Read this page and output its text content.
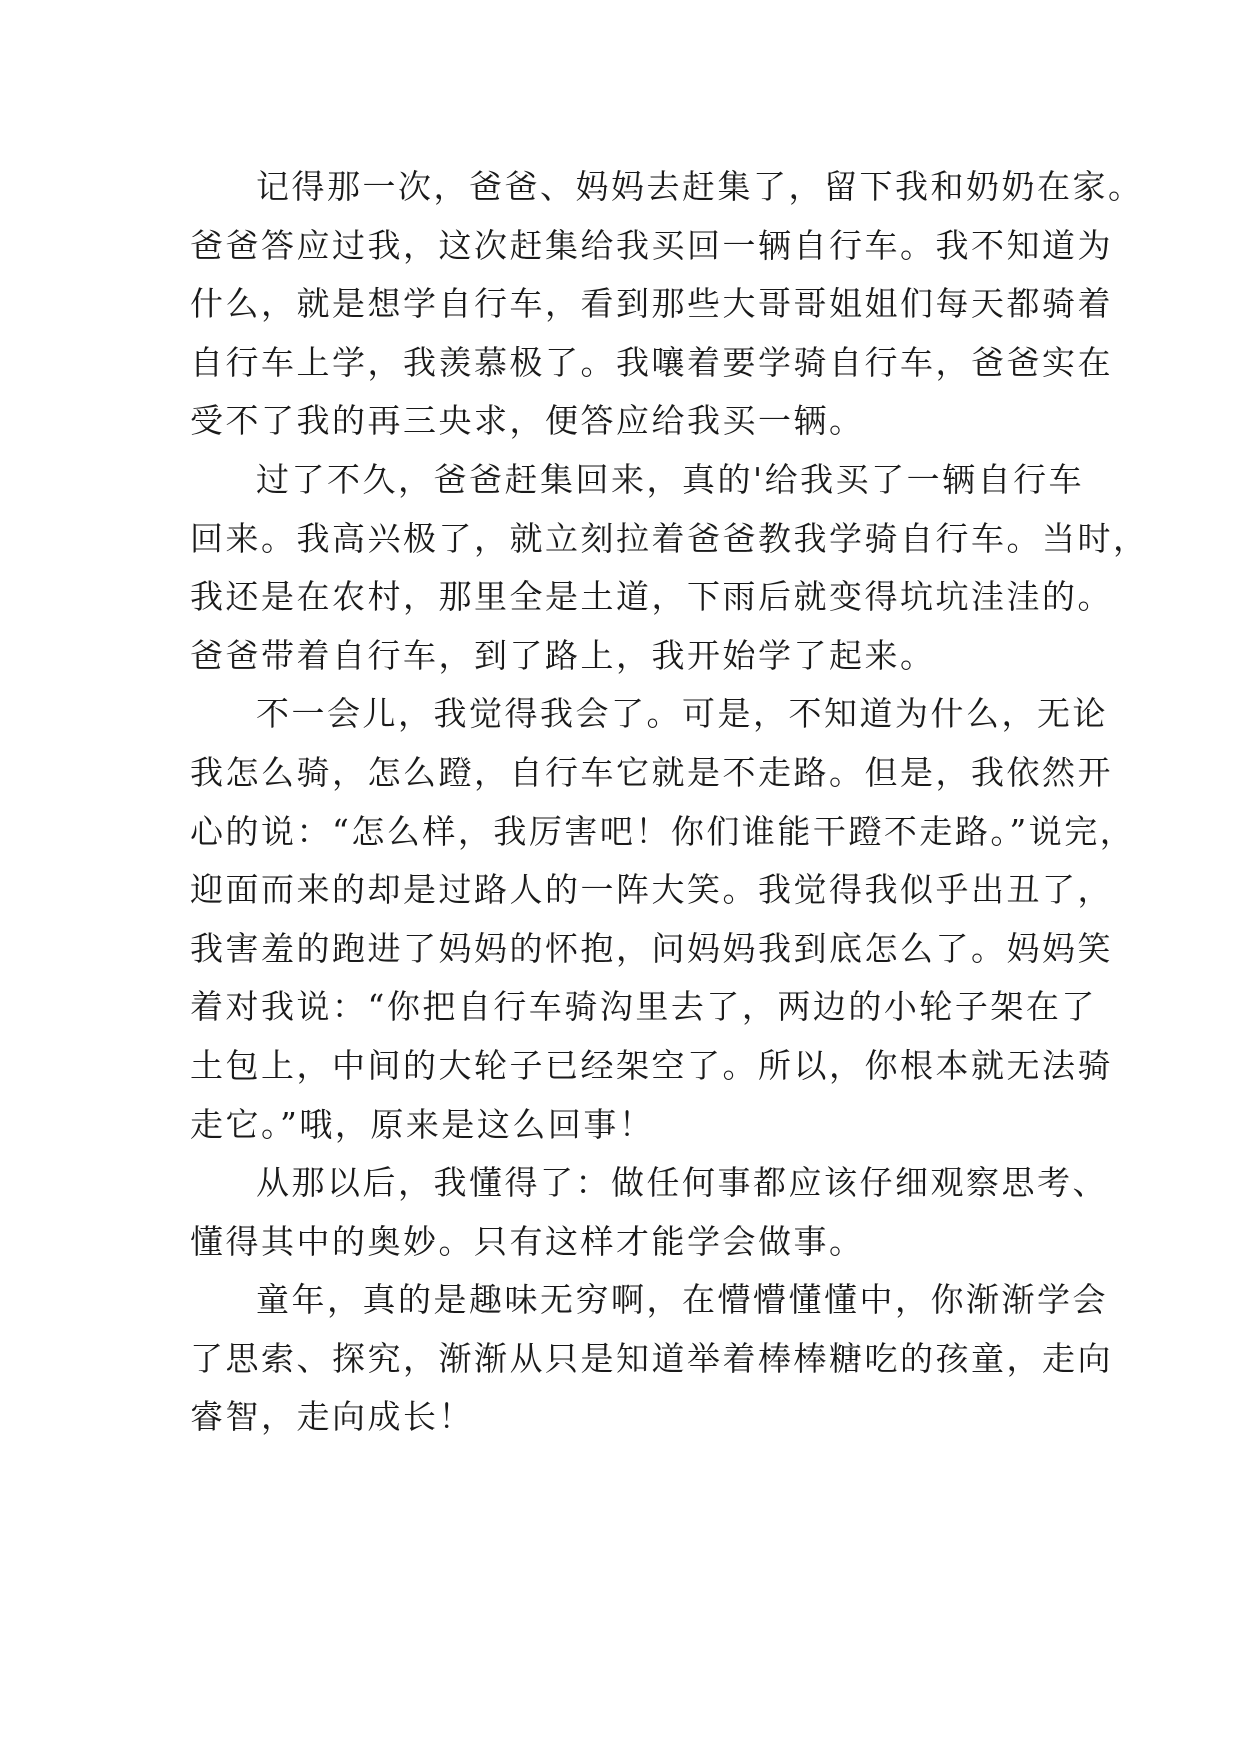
记得那一次，爸爸、妈妈去赶集了，留下我和奶奶在家。
爸爸答应过我，这次赶集给我买回一辆自行车。我不知道为
什么，就是想学自行车，看到那些大哥哥姐姐们每天都骑着
自行车上学，我羡慕极了。我嚷着要学骑自行车，爸爸实在
受不了我的再三央求，便答应给我买一辆。

过了不久，爸爸赶集回来，真的'给我买了一辆自行车
回来。我高兴极了，就立刻拉着爸爸教我学骑自行车。当时，
我还是在农村，那里全是土道，下雨后就变得坑坑洼洼的。
爸爸带着自行车，到了路上，我开始学了起来。

不一会儿，我觉得我会了。可是，不知道为什么，无论
我怎么骑，怎么蹬，自行车它就是不走路。但是，我依然开
心的说：“怎么样，我厉害吧！你们谁能干蹬不走路。”说完，
迎面而来的却是过路人的一阵大笑。我觉得我似乎出丑了，
我害羞的跑进了妈妈的怀抱，问妈妈我到底怎么了。妈妈笑
着对我说：“你把自行车骑沟里去了，两边的小轮子架在了
土包上，中间的大轮子已经架空了。所以，你根本就无法骑
走它。”哦，原来是这么回事！

从那以后，我懂得了：做任何事都应该仔细观察思考、
懂得其中的奥妙。只有这样才能学会做事。

童年，真的是趣味无穷啊，在懵懵懂懂中，你渐渐学会
了思索、探究，渐渐从只是知道举着棒棒糖吃的孩童，走向
睿智，走向成长！
